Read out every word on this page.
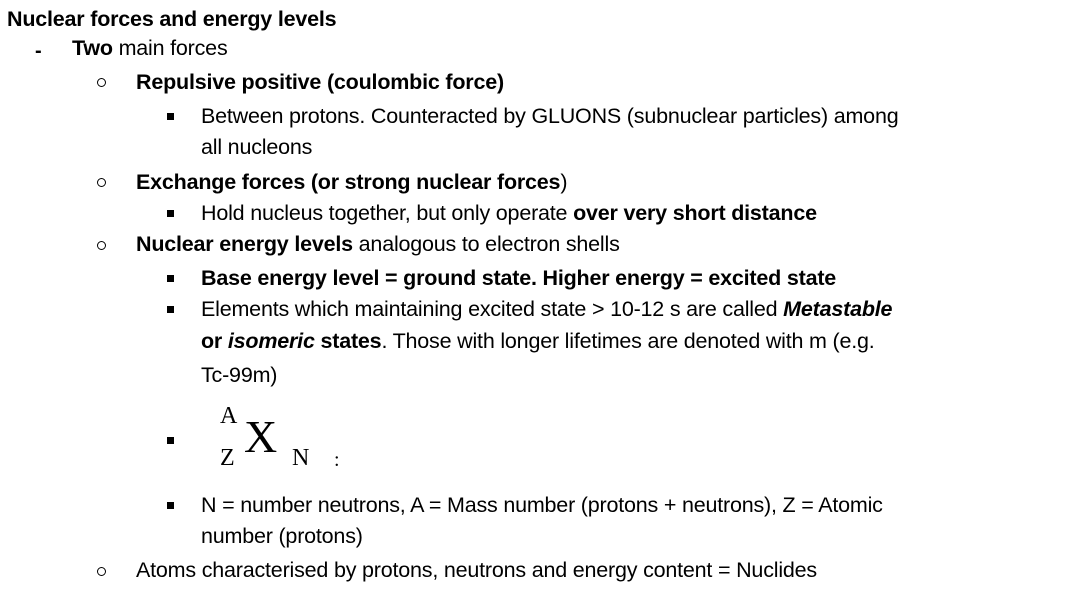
Nuclear forces and energy levels
- Two main forces
Repulsive positive (coulombic force)
Between protons. Counteracted by GLUONS (subnuclear particles) among
all nucleons
Exchange forces (or strong nuclear forces)
Hold nucleus together, but only operate over very short distance
Nuclear energy levels analogous to electron shells
Base energy level = ground state. Higher energy = excited state
Elements which maintaining excited state > 10-12 s are called Metastable
or isomeric states. Those with longer lifetimes are denoted with m (e.g.
Tc-99m)
A
Z X N :
N = number neutrons, A = Mass number (protons + neutrons), Z = Atomic
number (protons)
Atoms characterised by protons, neutrons and energy content = Nuclides
